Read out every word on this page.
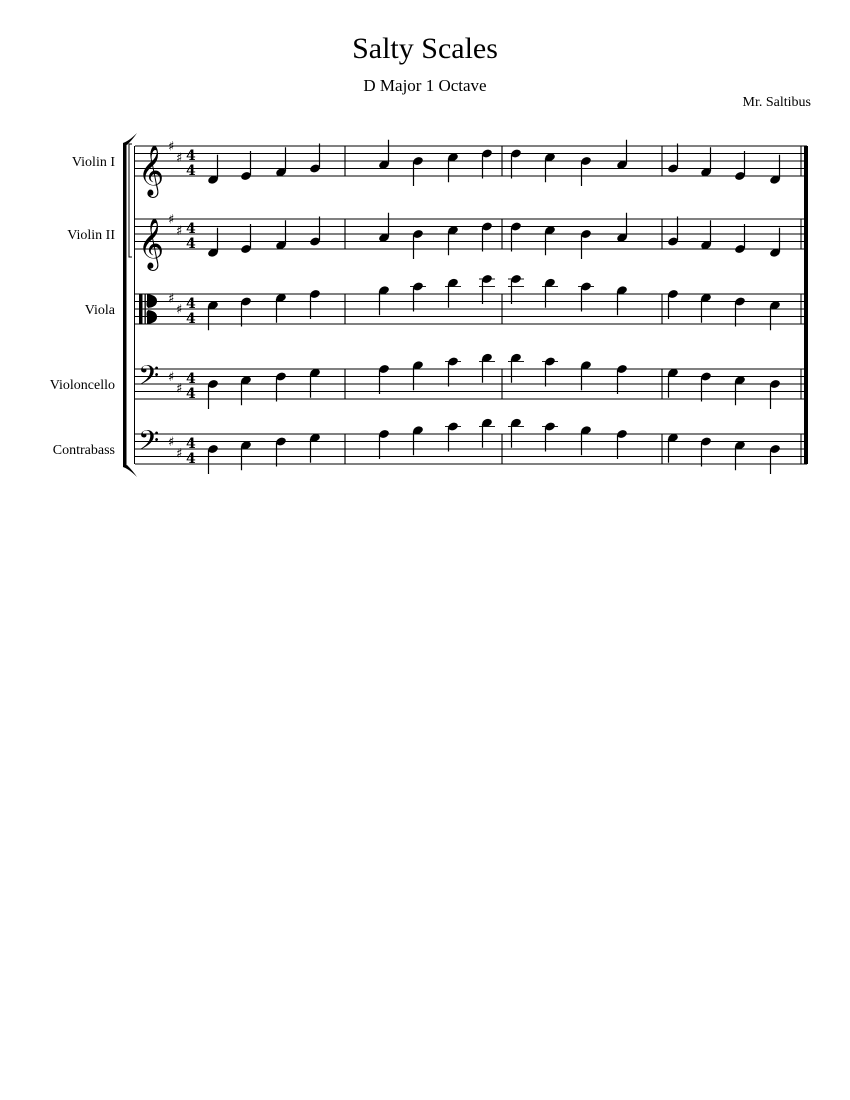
Salty Scales
D Major 1 Octave
Mr. Saltibus
Violin I 𝄞 ♯
♯ 4
4
Violin II 𝄞 ♯
♯ 4
4
Viola
♯
♯ 4
4
Violoncello 𝄢 ♯
♯
4
4
Contrabass 𝄢 ♯
♯
4
4
